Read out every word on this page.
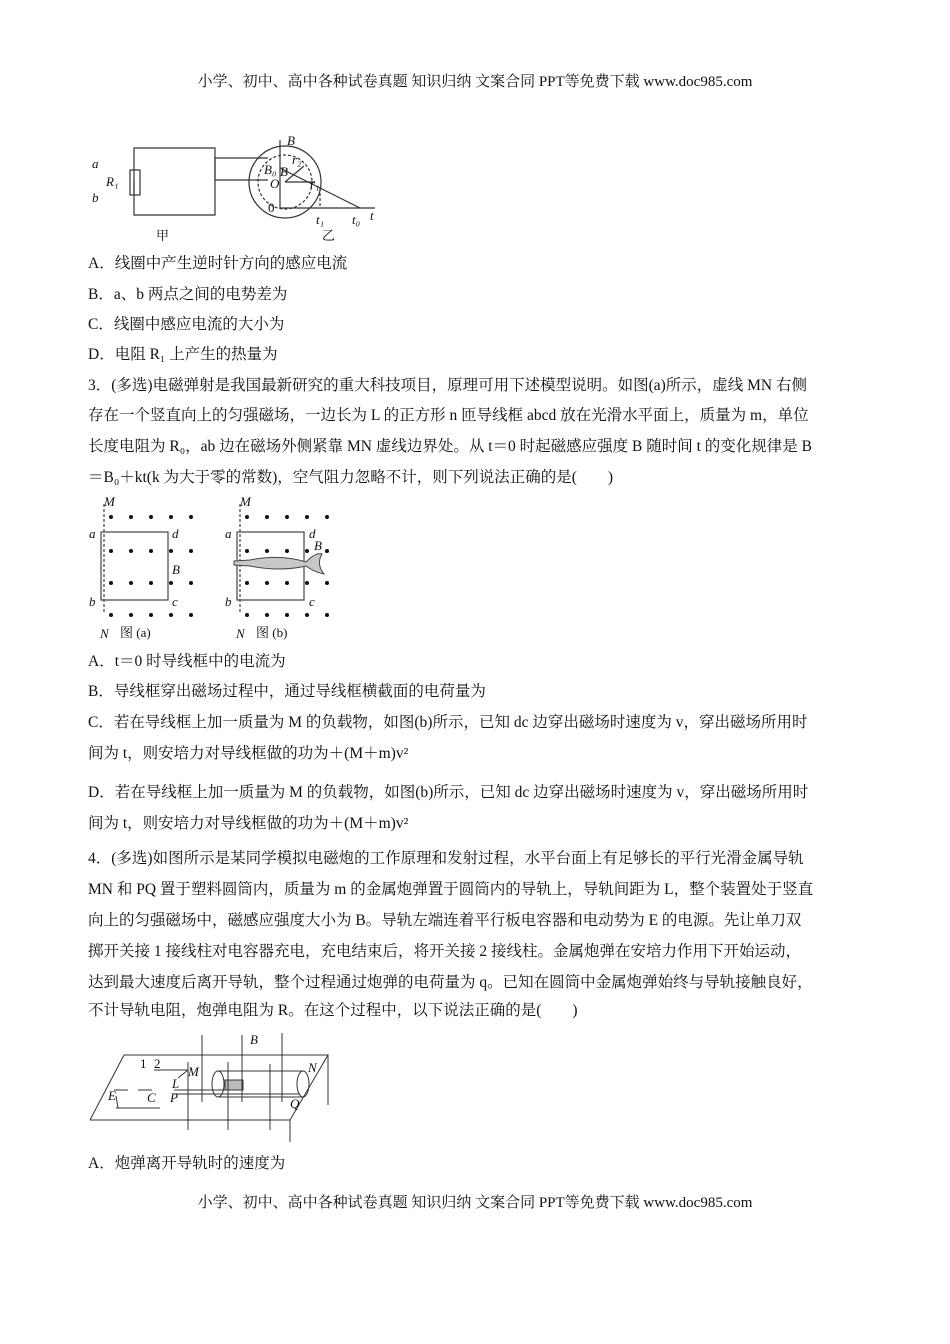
小学、初中、高中各种试卷真题 知识归纳 文案合同 PPT等免费下载 www.doc985.com
a
b
R₁	O
B
r₁
r₂
B
B₀
0
t₁ t₀ t
甲	乙
A．线圈中产生逆时针方向的感应电流
B．a、b 两点之间的电势差为
C．线圈中感应电流的大小为
D．电阻 R₁ 上产生的热量为
3．(多选)电磁弹射是我国最新研究的重大科技项目，原理可用下述模型说明。如图(a)所示，虚线 MN 右侧
存在一个竖直向上的匀强磁场，一边长为 L 的正方形 n 匝导线框 abcd 放在光滑水平面上，质量为 m，单位
长度电阻为 R₀，ab 边在磁场外侧紧靠 MN 虚线边界处。从 t＝0 时起磁感应强度 B 随时间 t 的变化规律是 B
＝B₀＋kt(k 为大于零的常数)，空气阻力忽略不计，则下列说法正确的是(　　)
M
N
a
b
d
c
B
M
N
a
b
d
c
B
图 (a)	图 (b)
A．t＝0 时导线框中的电流为
B．导线框穿出磁场过程中，通过导线框横截面的电荷量为
C．若在导线框上加一质量为 M 的负载物，如图(b)所示，已知 dc 边穿出磁场时速度为 v，穿出磁场所用时
间为 t，则安培力对导线框做的功为＋(M＋m)v²
D．若在导线框上加一质量为 M 的负载物，如图(b)所示，已知 dc 边穿出磁场时速度为 v，穿出磁场所用时
间为 t，则安培力对导线框做的功为＋(M＋m)v²
4．(多选)如图所示是某同学模拟电磁炮的工作原理和发射过程，水平台面上有足够长的平行光滑金属导轨
MN 和 PQ 置于塑料圆筒内，质量为 m 的金属炮弹置于圆筒内的导轨上，导轨间距为 L，整个装置处于竖直
向上的匀强磁场中，磁感应强度大小为 B。导轨左端连着平行板电容器和电动势为 E 的电源。先让单刀双
掷开关接 1 接线柱对电容器充电，充电结束后，将开关接 2 接线柱。金属炮弹在安培力作用下开始运动，
达到最大速度后离开导轨，整个过程通过炮弹的电荷量为 q。已知在圆筒中金属炮弹始终与导轨接触良好，
不计导轨电阻，炮弹电阻为 R。在这个过程中，以下说法正确的是(　　)
1 2
E C
L
M
P
B
N
Q
A．炮弹离开导轨时的速度为
小学、初中、高中各种试卷真题 知识归纳 文案合同 PPT等免费下载 www.doc985.com
